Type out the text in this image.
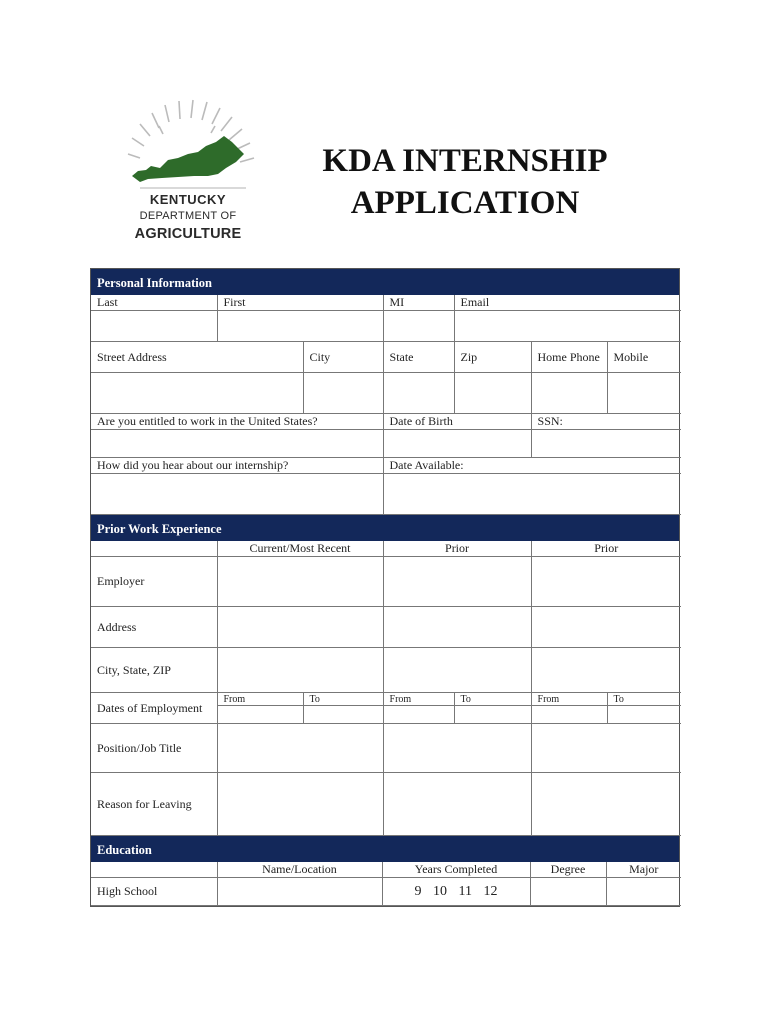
KENTUCKY
DEPARTMENT OF
AGRICULTURE
KDA INTERNSHIP
APPLICATION
Personal Information
Last	First		MI	Email		

Street Address		City	State	Zip	Home Phone	Mobile

Are you entitled to work in the United States?			Date of Birth		SSN:	

How did you hear about our internship?			Date Available:			

Prior Work Experience
	Current/Most Recent		Prior		Prior	
Employer						
Address						
City, State, ZIP						
Dates of Employment	From	To	From	To	From	To

Position/Job Title						
Reason for Leaving						
Education
	Name/Location	Years Completed	Degree	Major
High School		9 10 11 12		
